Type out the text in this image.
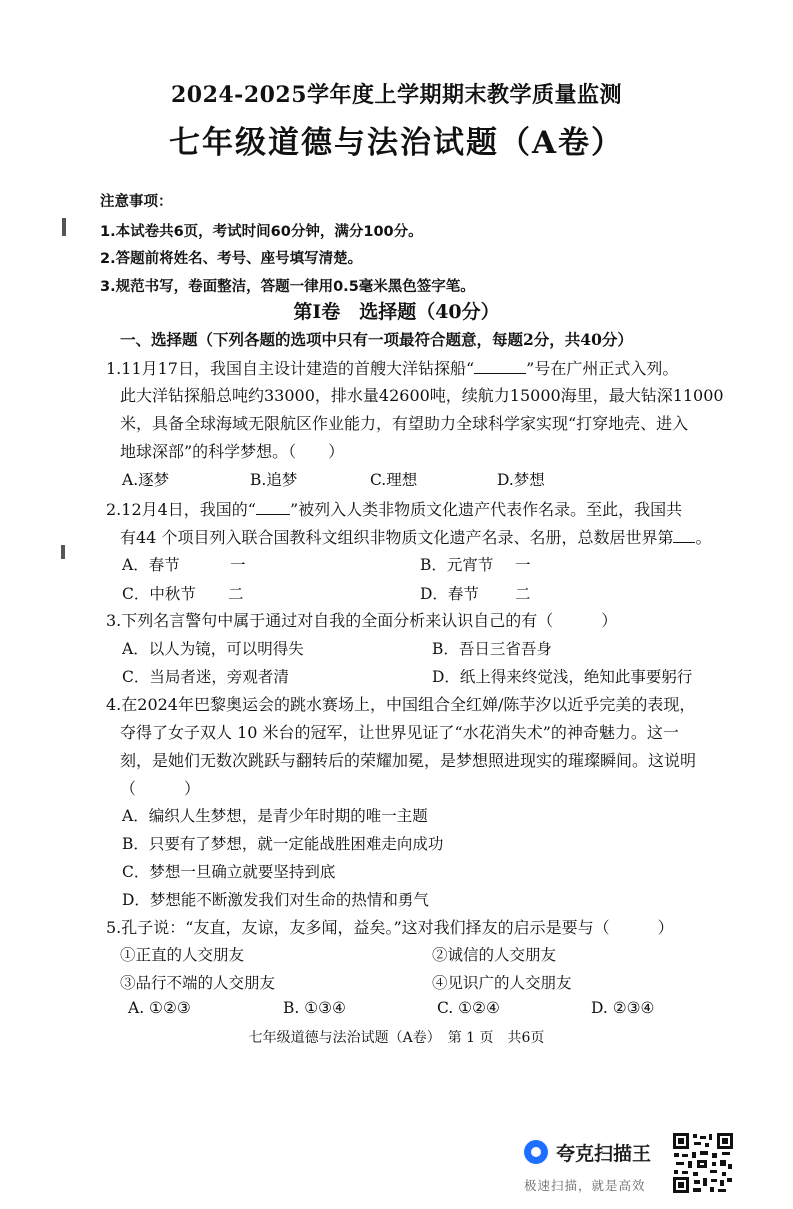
2024-2025学年度上学期期末教学质量监测
七年级道德与法治试题（A卷）
注意事项：
1.本试卷共6页，考试时间60分钟，满分100分。
2.答题前将姓名、考号、座号填写清楚。
3.规范书写，卷面整洁，答题一律用0.5毫米黑色签字笔。
第Ⅰ卷　选择题（40分）
一、选择题（下列各题的选项中只有一项最符合题意，每题2分，共40分）
1.11月17日，我国自主设计建造的首艘大洋钻探船“	”号在广州正式入列。
此大洋钻探船总吨约33000，排水量42600吨，续航力15000海里，最大钻深11000
米，具备全球海域无限航区作业能力，有望助力全球科学家实现“打穿地壳、进入
地球深部”的科学梦想。（　　）
A.逐梦	B.追梦	C.理想	D.梦想
2.12月4日，我国的“ ”被列入人类非物质文化遗产代表作名录。至此，我国共
有44 个项目列入联合国教科文组织非物质文化遗产名录、名册，总数居世界第 。
A．春节	一	B．元宵节 一
C．中秋节 二	D．春节 二
3.下列名言警句中属于通过对自我的全面分析来认识自己的有（　　　）
A．以人为镜，可以明得失	B．吾日三省吾身
C．当局者迷，旁观者清	D．纸上得来终觉浅，绝知此事要躬行
4.在2024年巴黎奥运会的跳水赛场上，中国组合全红婵/陈芋汐以近乎完美的表现，
夺得了女子双人 10 米台的冠军，让世界见证了“水花消失术”的神奇魅力。这一
刻，是她们无数次跳跃与翻转后的荣耀加冕，是梦想照进现实的璀璨瞬间。这说明
（　　　）
A．编织人生梦想，是青少年时期的唯一主题
B．只要有了梦想，就一定能战胜困难走向成功
C．梦想一旦确立就要坚持到底
D．梦想能不断激发我们对生命的热情和勇气
5.孔子说：“友直，友谅，友多闻，益矣。”这对我们择友的启示是要与（　　　）
①正直的人交朋友	②诚信的人交朋友
③品行不端的人交朋友	④见识广的人交朋友
A. ①②③	B. ①③④	C. ①②④	D. ②③④
七年级道德与法治试题（A卷）　第 1 页　共6页
夸克扫描王
极速扫描，就是高效
